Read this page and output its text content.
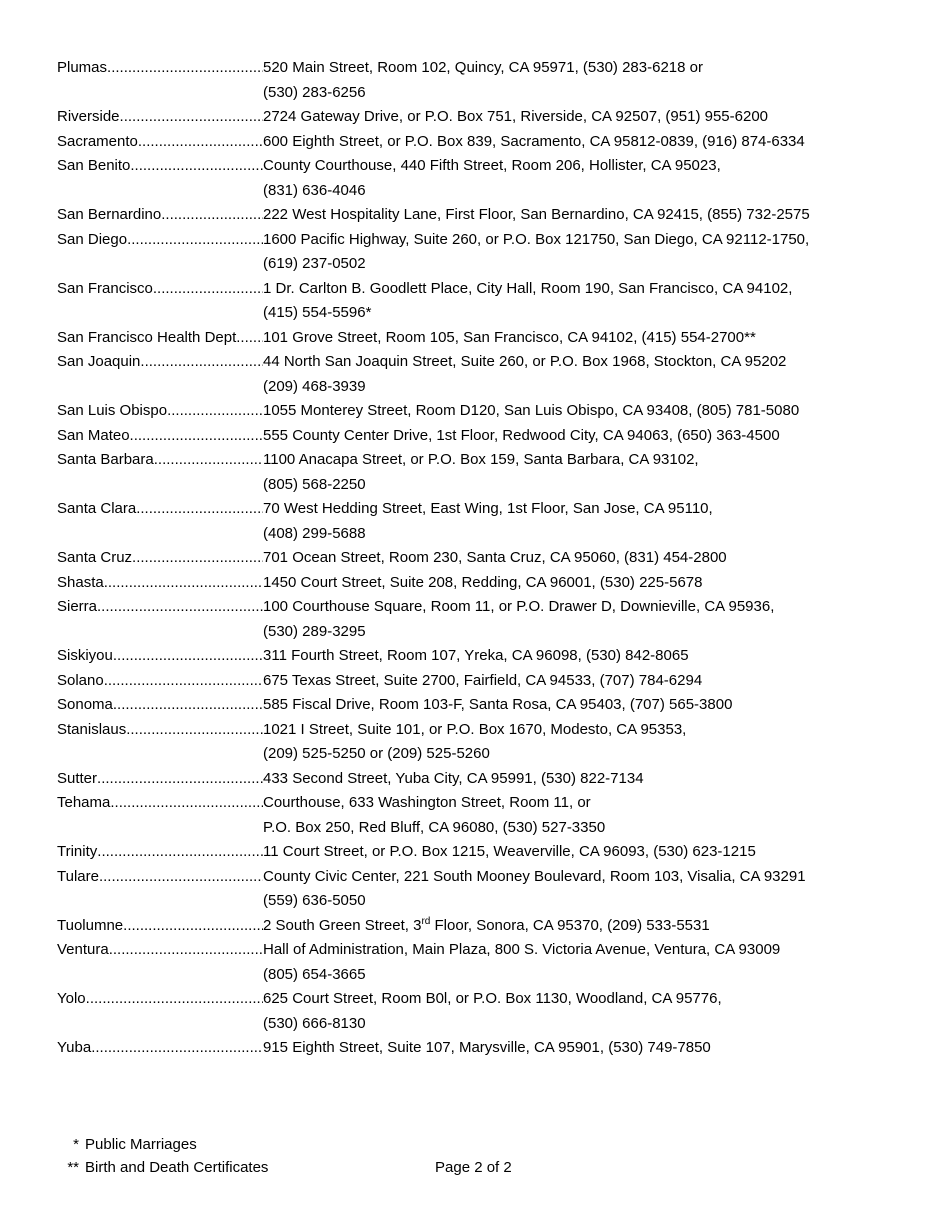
Plumas .....	520 Main Street, Room 102, Quincy, CA 95971, (530) 283-6218 or
(530) 283-6256
Riverside .....	2724 Gateway Drive, or P.O. Box 751, Riverside, CA 92507, (951) 955-6200
Sacramento .....	600 Eighth Street, or P.O. Box 839, Sacramento, CA 95812-0839, (916) 874-6334
San Benito .....	County Courthouse, 440 Fifth Street, Room 206, Hollister, CA 95023,
(831) 636-4046
San Bernardino .....	222 West Hospitality Lane, First Floor, San Bernardino, CA 92415, (855) 732-2575
San Diego .....	1600 Pacific Highway, Suite 260, or P.O. Box 121750, San Diego, CA 92112-1750,
(619) 237-0502
San Francisco .....	1 Dr. Carlton B. Goodlett Place, City Hall, Room 190, San Francisco, CA 94102,
(415) 554-5596*
San Francisco Health Dept. ..... 101 Grove Street, Room 105, San Francisco, CA 94102, (415) 554-2700**
San Joaquin .....	44 North San Joaquin Street, Suite 260, or P.O. Box 1968, Stockton, CA 95202
(209) 468-3939
San Luis Obispo .....	1055 Monterey Street, Room D120, San Luis Obispo, CA 93408, (805) 781-5080
San Mateo .....	555 County Center Drive, 1st Floor, Redwood City, CA 94063, (650) 363-4500
Santa Barbara .....	1100 Anacapa Street, or P.O. Box 159, Santa Barbara, CA 93102,
(805) 568-2250
Santa Clara .....	70 West Hedding Street, East Wing, 1st Floor, San Jose, CA 95110,
(408) 299-5688
Santa Cruz .....	701 Ocean Street, Room 230, Santa Cruz, CA 95060, (831) 454-2800
Shasta .....	1450 Court Street, Suite 208, Redding, CA 96001, (530) 225-5678
Sierra .....	100 Courthouse Square, Room 11, or P.O. Drawer D, Downieville, CA 95936,
(530) 289-3295
Siskiyou .....	311 Fourth Street, Room 107, Yreka, CA 96098, (530) 842-8065
Solano .....	675 Texas Street, Suite 2700, Fairfield, CA 94533, (707) 784-6294
Sonoma .....	585 Fiscal Drive, Room 103-F, Santa Rosa, CA 95403, (707) 565-3800
Stanislaus .....	1021 I Street, Suite 101, or P.O. Box 1670, Modesto, CA 95353,
(209) 525-5250 or (209) 525-5260
Sutter .....	433 Second Street, Yuba City, CA 95991, (530) 822-7134
Tehama .....	Courthouse, 633 Washington Street, Room 11, or
P.O. Box 250, Red Bluff, CA 96080, (530) 527-3350
Trinity .....	11 Court Street, or P.O. Box 1215, Weaverville, CA 96093, (530) 623-1215
Tulare .....	County Civic Center, 221 South Mooney Boulevard, Room 103, Visalia, CA 93291
(559) 636-5050
Tuolumne .....	2 South Green Street, 3rd Floor, Sonora, CA 95370, (209) 533-5531
Ventura .....	Hall of Administration, Main Plaza, 800 S. Victoria Avenue, Ventura, CA 93009
(805) 654-3665
Yolo .....	625 Court Street, Room B0l, or P.O. Box 1130, Woodland, CA 95776,
(530) 666-8130
Yuba .....	915 Eighth Street, Suite 107, Marysville, CA 95901, (530) 749-7850
* Public Marriages
** Birth and Death Certificates	Page 2 of 2
